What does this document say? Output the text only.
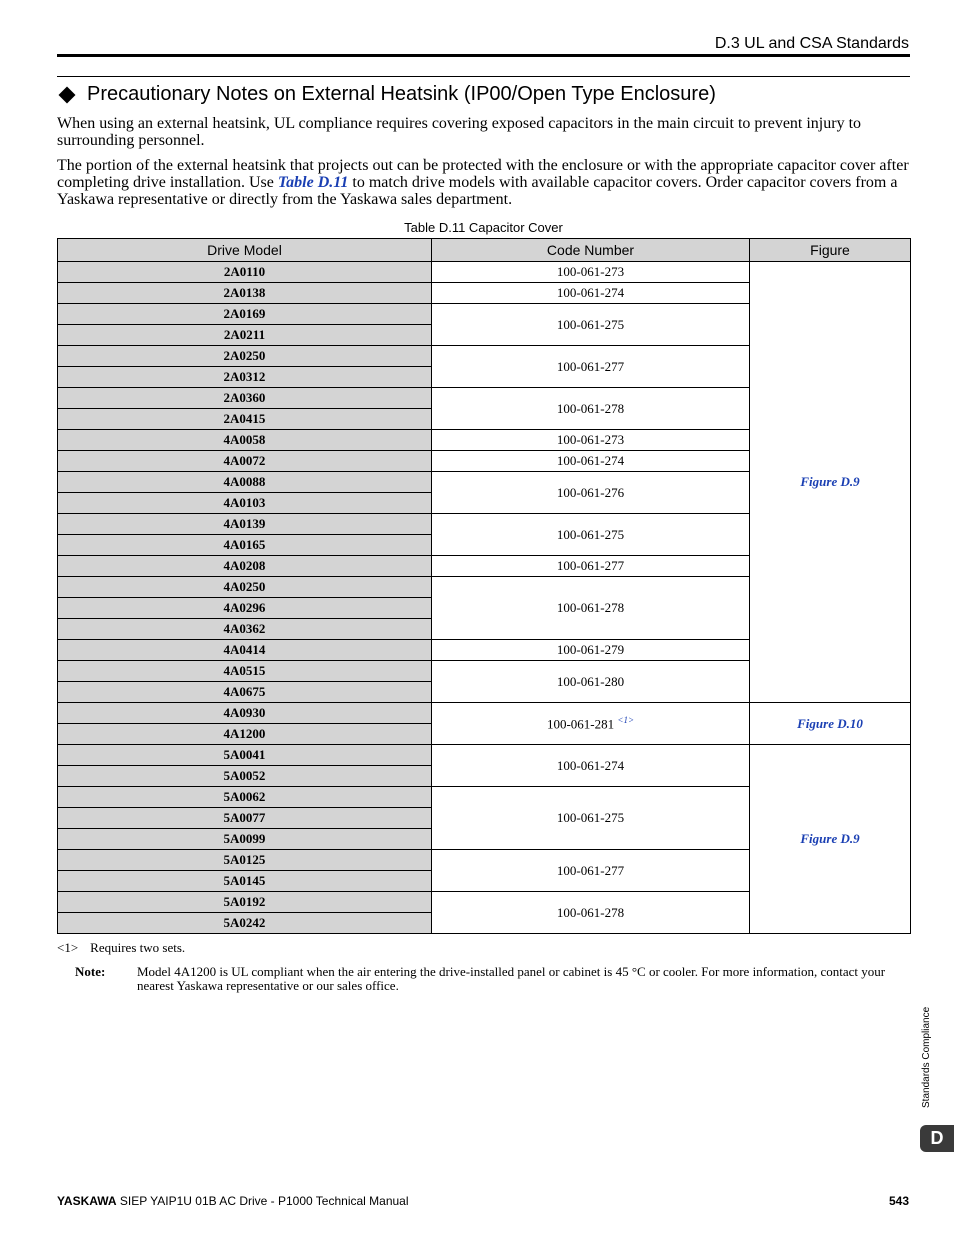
D.3 UL and CSA Standards
Precautionary Notes on External Heatsink (IP00/Open Type Enclosure)
When using an external heatsink, UL compliance requires covering exposed capacitors in the main circuit to prevent injury to surrounding personnel.
The portion of the external heatsink that projects out can be protected with the enclosure or with the appropriate capacitor cover after completing drive installation. Use Table D.11 to match drive models with available capacitor covers. Order capacitor covers from a Yaskawa representative or directly from the Yaskawa sales department.
Table D.11 Capacitor Cover
Drive Model	Code Number	Figure
2A0110	100-061-273	Figure D.9
2A0138	100-061-274	
2A0169	100-061-275	
2A0211		
2A0250	100-061-277	
2A0312		
2A0360	100-061-278	
2A0415		
4A0058	100-061-273	
4A0072	100-061-274	
4A0088	100-061-276	
4A0103		
4A0139	100-061-275	
4A0165		
4A0208	100-061-277	
4A0250	100-061-278	
4A0296		
4A0362		
4A0414	100-061-279	
4A0515	100-061-280	
4A0675		
4A0930	100-061-281 $^{<1>}$	Figure D.10
4A1200		
5A0041	100-061-274	Figure D.9
5A0052		
5A0062	100-061-275	
5A0077		
5A0099		
5A0125	100-061-277	
5A0145		
5A0192	100-061-278	
5A0242		
<1> Requires two sets.
Note:	Model 4A1200 is UL compliant when the air entering the drive-installed panel or cabinet is 45 °C or cooler. For more information, contact your nearest Yaskawa representative or our sales office.
Standards Compliance
D
YASKAWA SIEP YAIP1U 01B AC Drive - P1000 Technical Manual	543
